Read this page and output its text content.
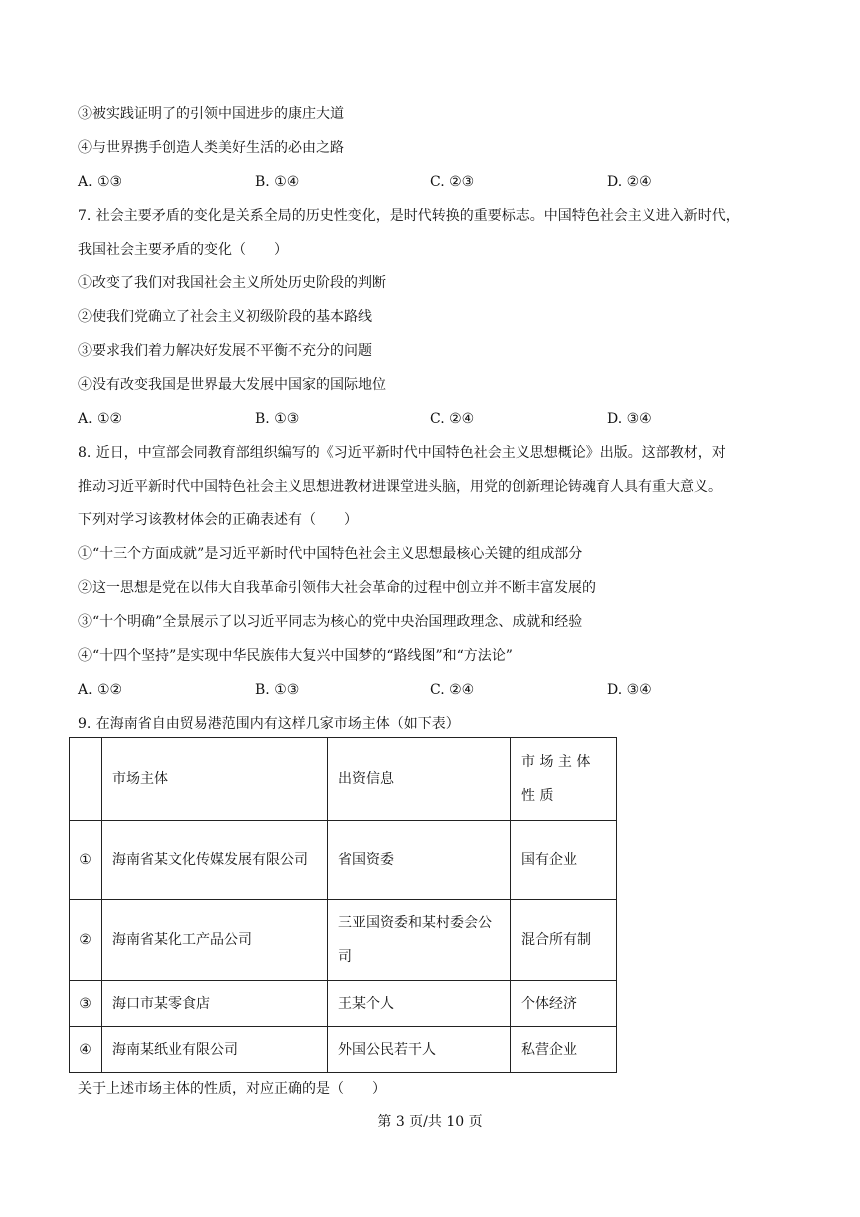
③被实践证明了的引领中国进步的康庄大道
④与世界携手创造人类美好生活的必由之路
A. ①③	B. ①④	C. ②③	D. ②④
7. 社会主要矛盾的变化是关系全局的历史性变化，是时代转换的重要标志。中国特色社会主义进入新时代，
我国社会主要矛盾的变化（　　）
①改变了我们对我国社会主义所处历史阶段的判断
②使我们党确立了社会主义初级阶段的基本路线
③要求我们着力解决好发展不平衡不充分的问题
④没有改变我国是世界最大发展中国家的国际地位
A. ①②	B. ①③	C. ②④	D. ③④
8. 近日，中宣部会同教育部组织编写的《习近平新时代中国特色社会主义思想概论》出版。这部教材，对
推动习近平新时代中国特色社会主义思想进教材进课堂进头脑，用党的创新理论铸魂育人具有重大意义。
下列对学习该教材体会的正确表述有（　　）
①“十三个方面成就”是习近平新时代中国特色社会主义思想最核心关键的组成部分
②这一思想是党在以伟大自我革命引领伟大社会革命的过程中创立并不断丰富发展的
③“十个明确”全景展示了以习近平同志为核心的党中央治国理政理念、成就和经验
④“十四个坚持”是实现中华民族伟大复兴中国梦的“路线图”和“方法论”
A. ①②	B. ①③	C. ②④	D. ③④
9. 在海南省自由贸易港范围内有这样几家市场主体（如下表）
	市场主体	出资信息	市 场 主 体 性 质
①	海南省某文化传媒发展有限公司	省国资委	国有企业
②	海南省某化工产品公司	三亚国资委和某村委会公司	混合所有制
③	海口市某零食店	王某个人	个体经济
④	海南某纸业有限公司	外国公民若干人	私营企业
关于上述市场主体的性质，对应正确的是（　　）
第 3 页/共 10 页
